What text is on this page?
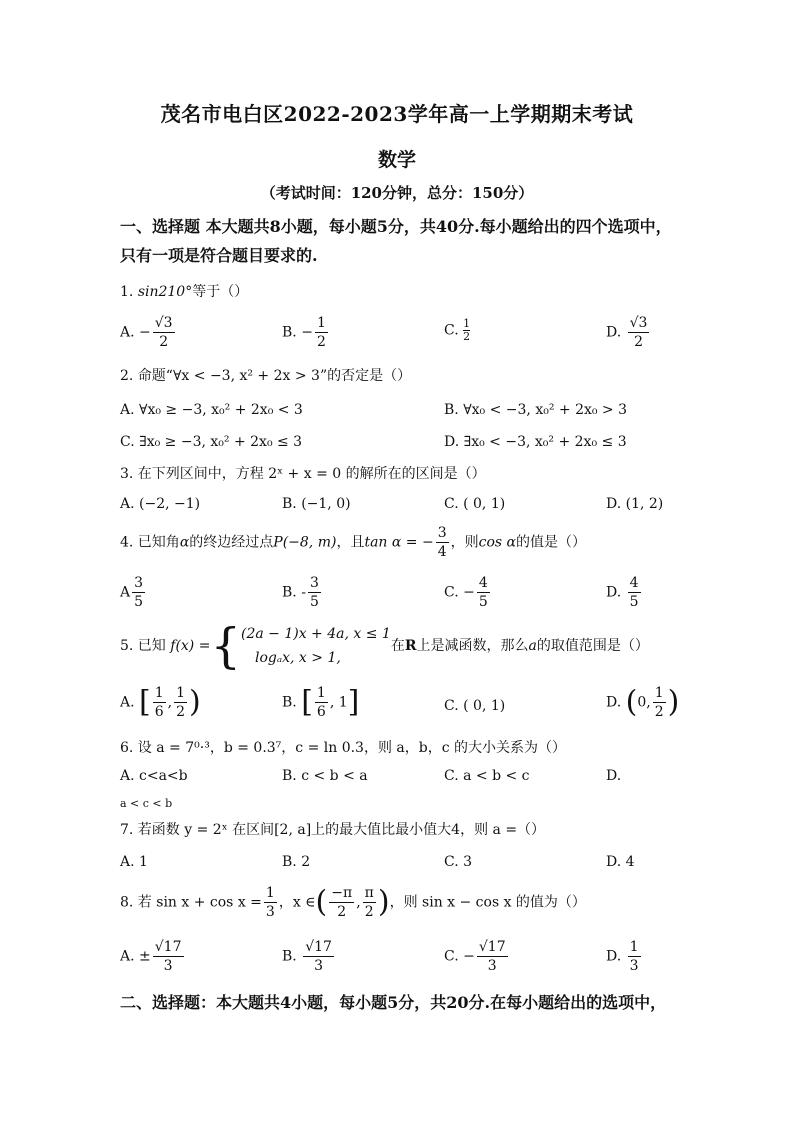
茂名市电白区2022-2023学年高一上学期期末考试
数学
（考试时间：120分钟，总分：150分）
一、选择题 本大题共8小题，每小题5分，共40分.每小题给出的四个选项中，只有一项是符合题目要求的.
1. sin210°等于（）
A. − $\frac{√3}{2}$	B. − $\frac{1}{2}$	C. $\frac{1}{2}$	D. $\frac{√3}{2}$
2. 命题“∀x < −3, x² + 2x > 3”的否定是（）
A. ∀x₀ ≥ −3, x₀² + 2x₀ < 3	B. ∀x₀ < −3, x₀² + 2x₀ > 3
C. ∃x₀ ≥ −3, x₀² + 2x₀ ≤ 3	D. ∃x₀ < −3, x₀² + 2x₀ ≤ 3
3. 在下列区间中，方程 2ˣ + x = 0 的解所在的区间是（）
A. (−2, −1)	B. (−1, 0)	C. ( 0, 1)	D. (1, 2)
4. 已知角α的终边经过点P(−8, m)，且tan α = − $\frac{3}{4}$ ，则cos α的值是（）
A $\frac{3}{5}$	B. - $\frac{3}{5}$	C. − $\frac{4}{5}$	D. $\frac{4}{5}$
5. 已知 f(x) ={ (2a − 1)x + 4a, x ≤ 1
logₐx, x > 1,
在R上是减函数，那么a的取值范围是（）
A. [ $\frac{1}{6}$ , $\frac{1}{2}$ )	B. [ $\frac{1}{6}$ , 1]	C. ( 0, 1)	D. (0, $\frac{1}{2}$ )
6. 设 a = 7⁰·³，b = 0.3⁷，c = ln 0.3，则 a，b，c 的大小关系为（）
A. c<a<b	B. c < b < a	C. a < b < c	D.
a < c < b
7. 若函数 y = 2ˣ 在区间[2, a]上的最大值比最小值大4，则 a =（）
A. 1	B. 2	C. 3	D. 4
8. 若 $\sin x + \cos x = \frac{1}{3}$ ，x ∈( $\frac{-\pi}{2}$ , $\frac{\pi}{2}$ )，则 sin x − cos x 的值为（）
A. ± $\frac{√17}{3}$	B. $\frac{√17}{3}$	C. − $\frac{√17}{3}$	D. $\frac{1}{3}$
二、选择题：本大题共4小题，每小题5分，共20分.在每小题给出的选项中，
